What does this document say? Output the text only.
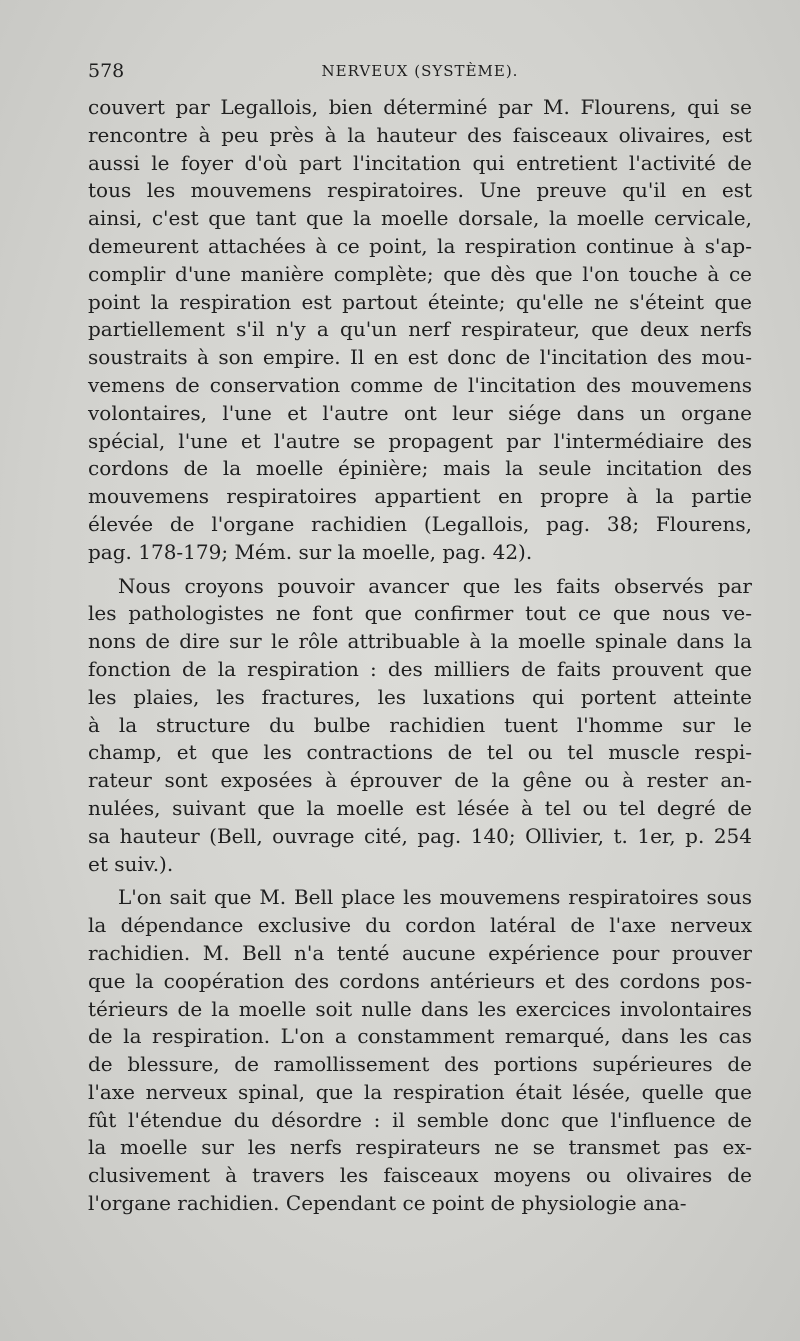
578	NERVEUX (SYSTÈME).
couvert par Legallois, bien déterminé par M. Flourens, qui se
rencontre à peu près à la hauteur des faisceaux olivaires, est
aussi le foyer d'où part l'incitation qui entretient l'activité de
tous les mouvemens respiratoires. Une preuve qu'il en est
ainsi, c'est que tant que la moelle dorsale, la moelle cervicale,
demeurent attachées à ce point, la respiration continue à s'ap-
complir d'une manière complète; que dès que l'on touche à ce
point la respiration est partout éteinte; qu'elle ne s'éteint que
partiellement s'il n'y a qu'un nerf respirateur, que deux nerfs
soustraits à son empire. Il en est donc de l'incitation des mou-
vemens de conservation comme de l'incitation des mouvemens
volontaires, l'une et l'autre ont leur siége dans un organe
spécial, l'une et l'autre se propagent par l'intermédiaire des
cordons de la moelle épinière; mais la seule incitation des
mouvemens respiratoires appartient en propre à la partie
élevée de l'organe rachidien (Legallois, pag. 38; Flourens,
pag. 178-179; Mém. sur la moelle, pag. 42).
Nous croyons pouvoir avancer que les faits observés par
les pathologistes ne font que confirmer tout ce que nous ve-
nons de dire sur le rôle attribuable à la moelle spinale dans la
fonction de la respiration : des milliers de faits prouvent que
les plaies, les fractures, les luxations qui portent atteinte
à la structure du bulbe rachidien tuent l'homme sur le
champ, et que les contractions de tel ou tel muscle respi-
rateur sont exposées à éprouver de la gêne ou à rester an-
nulées, suivant que la moelle est lésée à tel ou tel degré de
sa hauteur (Bell, ouvrage cité, pag. 140; Ollivier, t. 1er, p. 254
et suiv.).
L'on sait que M. Bell place les mouvemens respiratoires sous
la dépendance exclusive du cordon latéral de l'axe nerveux
rachidien. M. Bell n'a tenté aucune expérience pour prouver
que la coopération des cordons antérieurs et des cordons pos-
térieurs de la moelle soit nulle dans les exercices involontaires
de la respiration. L'on a constamment remarqué, dans les cas
de blessure, de ramollissement des portions supérieures de
l'axe nerveux spinal, que la respiration était lésée, quelle que
fût l'étendue du désordre : il semble donc que l'influence de
la moelle sur les nerfs respirateurs ne se transmet pas ex-
clusivement à travers les faisceaux moyens ou olivaires de
l'organe rachidien. Cependant ce point de physiologie ana-
